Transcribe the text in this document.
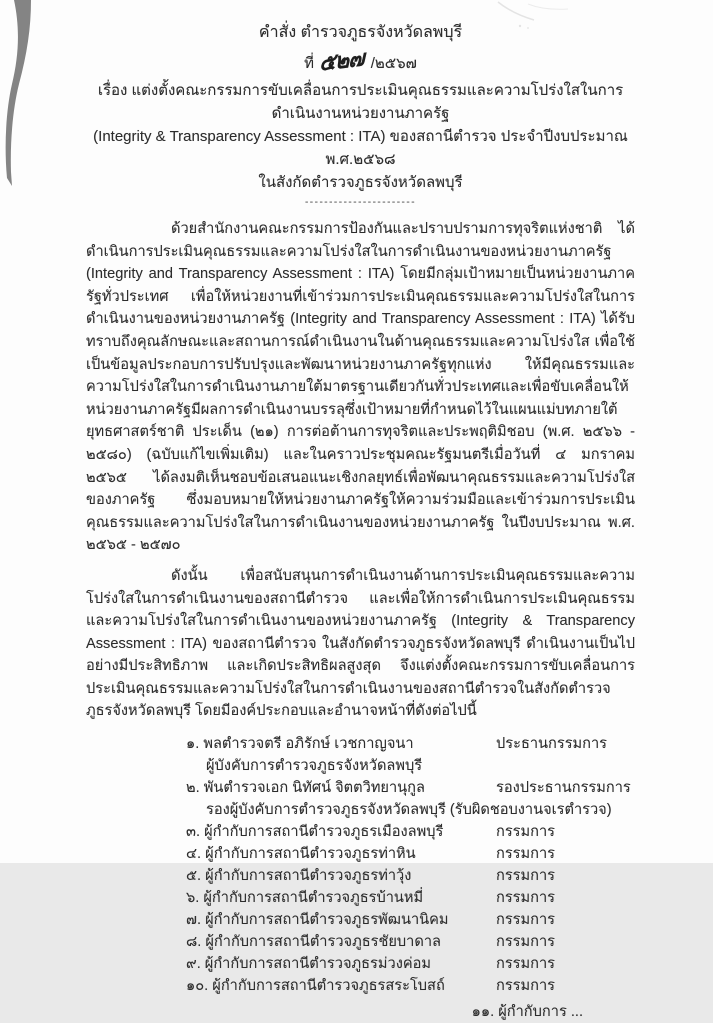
คำสั่ง ตำรวจภูธรจังหวัดลพบุรี
ที่ ๕๒๗ /๒๕๖๗
เรื่อง แต่งตั้งคณะกรรมการขับเคลื่อนการประเมินคุณธรรมและความโปร่งใสในการดำเนินงานหน่วยงานภาครัฐ
(Integrity & Transparency Assessment : ITA) ของสถานีตำรวจ ประจำปีงบประมาณ พ.ศ.๒๕๖๘
ในสังกัดตำรวจภูธรจังหวัดลพบุรี
-----------------------

ด้วยสำนักงานคณะกรรมการป้องกันและปราบปรามการทุจริตแห่งชาติ ได้ดำเนินการประเมินคุณธรรมและความโปร่งใสในการดำเนินงานของหน่วยงานภาครัฐ (Integrity and Transparency Assessment : ITA) โดยมีกลุ่มเป้าหมายเป็นหน่วยงานภาครัฐทั่วประเทศ เพื่อให้หน่วยงานที่เข้าร่วมการประเมินคุณธรรมและความโปร่งใสในการดำเนินงานของหน่วยงานภาครัฐ (Integrity and Transparency Assessment : ITA) ได้รับทราบถึงคุณลักษณะและสถานการณ์ดำเนินงานในด้านคุณธรรมและความโปร่งใส เพื่อใช้เป็นข้อมูลประกอบการปรับปรุงและพัฒนาหน่วยงานภาครัฐทุกแห่ง ให้มีคุณธรรมและความโปร่งใสในการดำเนินงานภายใต้มาตรฐานเดียวกันทั่วประเทศและเพื่อขับเคลื่อนให้หน่วยงานภาครัฐมีผลการดำเนินงานบรรลุซึ่งเป้าหมายที่กำหนดไว้ในแผนแม่บทภายใต้ยุทธศาสตร์ชาติ ประเด็น (๒๑) การต่อต้านการทุจริตและประพฤติมิชอบ (พ.ศ. ๒๕๖๖ - ๒๕๘๐) (ฉบับแก้ไขเพิ่มเติม) และในคราวประชุมคณะรัฐมนตรีเมื่อวันที่ ๔ มกราคม ๒๕๖๕ ได้ลงมติเห็นชอบข้อเสนอแนะเชิงกลยุทธ์เพื่อพัฒนาคุณธรรมและความโปร่งใสของภาครัฐ ซึ่งมอบหมายให้หน่วยงานภาครัฐให้ความร่วมมือและเข้าร่วมการประเมินคุณธรรมและความโปร่งใสในการดำเนินงานของหน่วยงานภาครัฐ ในปีงบประมาณ พ.ศ. ๒๕๖๕ - ๒๕๗๐

ดังนั้น เพื่อสนับสนุนการดำเนินงานด้านการประเมินคุณธรรมและความโปร่งใสในการดำเนินงานของสถานีตำรวจ และเพื่อให้การดำเนินการประเมินคุณธรรมและความโปร่งใสในการดำเนินงานของหน่วยงานภาครัฐ (Integrity & Transparency Assessment : ITA) ของสถานีตำรวจ ในสังกัดตำรวจภูธรจังหวัดลพบุรี ดำเนินงานเป็นไปอย่างมีประสิทธิภาพ และเกิดประสิทธิผลสูงสุด จึงแต่งตั้งคณะกรรมการขับเคลื่อนการประเมินคุณธรรมและความโปร่งใสในการดำเนินงานของสถานีตำรวจในสังกัดตำรวจภูธรจังหวัดลพบุรี โดยมีองค์ประกอบและอำนาจหน้าที่ดังต่อไปนี้

๑. พลตำรวจตรี อภิรักษ์ เวชกาญจนา	ประธานกรรมการ
ผู้บังคับการตำรวจภูธรจังหวัดลพบุรี
๒. พันตำรวจเอก นิทัศน์ จิตตวิทยานุกูล	รองประธานกรรมการ
รองผู้บังคับการตำรวจภูธรจังหวัดลพบุรี (รับผิดชอบงานจเรตำรวจ)
๓. ผู้กำกับการสถานีตำรวจภูธรเมืองลพบุรี	กรรมการ
๔. ผู้กำกับการสถานีตำรวจภูธรท่าหิน	กรรมการ
๕. ผู้กำกับการสถานีตำรวจภูธรท่าวุ้ง	กรรมการ
๖. ผู้กำกับการสถานีตำรวจภูธรบ้านหมี่	กรรมการ
๗. ผู้กำกับการสถานีตำรวจภูธรพัฒนานิคม	กรรมการ
๘. ผู้กำกับการสถานีตำรวจภูธรชัยบาดาล	กรรมการ
๙. ผู้กำกับการสถานีตำรวจภูธรม่วงค่อม	กรรมการ
๑๐. ผู้กำกับการสถานีตำรวจภูธรสระโบสถ์	กรรมการ
๑๑. ผู้กำกับการ ...
